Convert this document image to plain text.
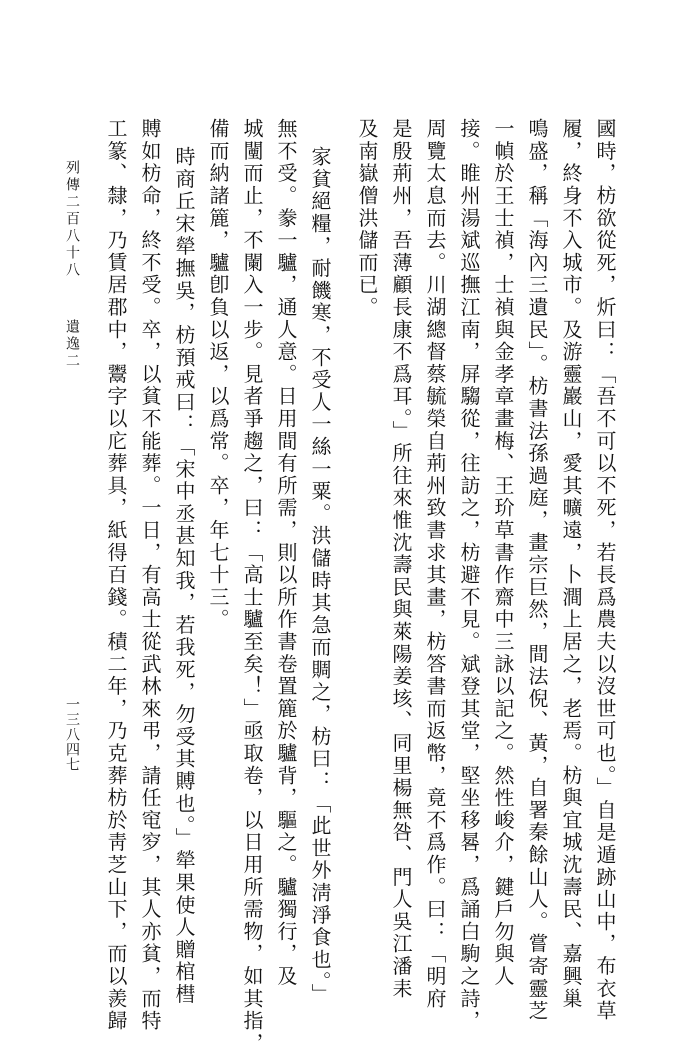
國時，枋欲從死，炘曰：「吾不可以不死，若長爲農夫以沒世可也。」自是遁跡山中，布衣草
履，終身不入城市。及游靈巖山，愛其曠遠，卜澗上居之，老焉。枋與宜城沈壽民、嘉興巢
鳴盛，稱「海內三遺民」。枋書法孫過庭，畫宗巨然，間法倪、黃，自署秦餘山人。嘗寄靈芝
一幀於王士禎，士禎與金孝章畫梅、王玠草書作齋中三詠以記之。然性峻介，鍵戶勿與人
接。睢州湯斌巡撫江南，屏騶從，往訪之，枋避不見。斌登其堂，堅坐移晷，爲誦白駒之詩，
周覽太息而去。川湖總督蔡毓榮自荊州致書求其畫，枋答書而返幣，竟不爲作。曰：「明府
是殷荊州，吾薄顧長康不爲耳。」所往來惟沈壽民與萊陽姜垓、同里楊無咎、門人吳江潘耒
及南嶽僧洪儲而已。
家貧絕糧，耐饑寒，不受人一絲一粟。洪儲時其急而賙之，枋曰：「此世外淸淨食也。」
無不受。豢一驢，通人意。日用間有所需，則以所作書卷置簏於驢背，驅之。驢獨行，及
城闉而止，不闌入一步。見者爭趨之，曰：「高士驢至矣！」亟取卷，以日用所需物，如其指，
備而納諸簏，驢卽負以返，以爲常。卒，年七十三。
時商丘宋犖撫吳，枋預戒曰：「宋中丞甚知我，若我死，勿受其賻也。」犖果使人贈棺槥
賻如枋命，終不受。卒，以貧不能葬。一日，有高士從武林來弔，請任窀穸，其人亦貧，而特
工篆、隸，乃賃居郡中，鬻字以庀葬具，紙得百錢。積二年，乃克葬枋於靑芝山下，而以羨歸
列傳二百八十八遺逸二
一三八四七
